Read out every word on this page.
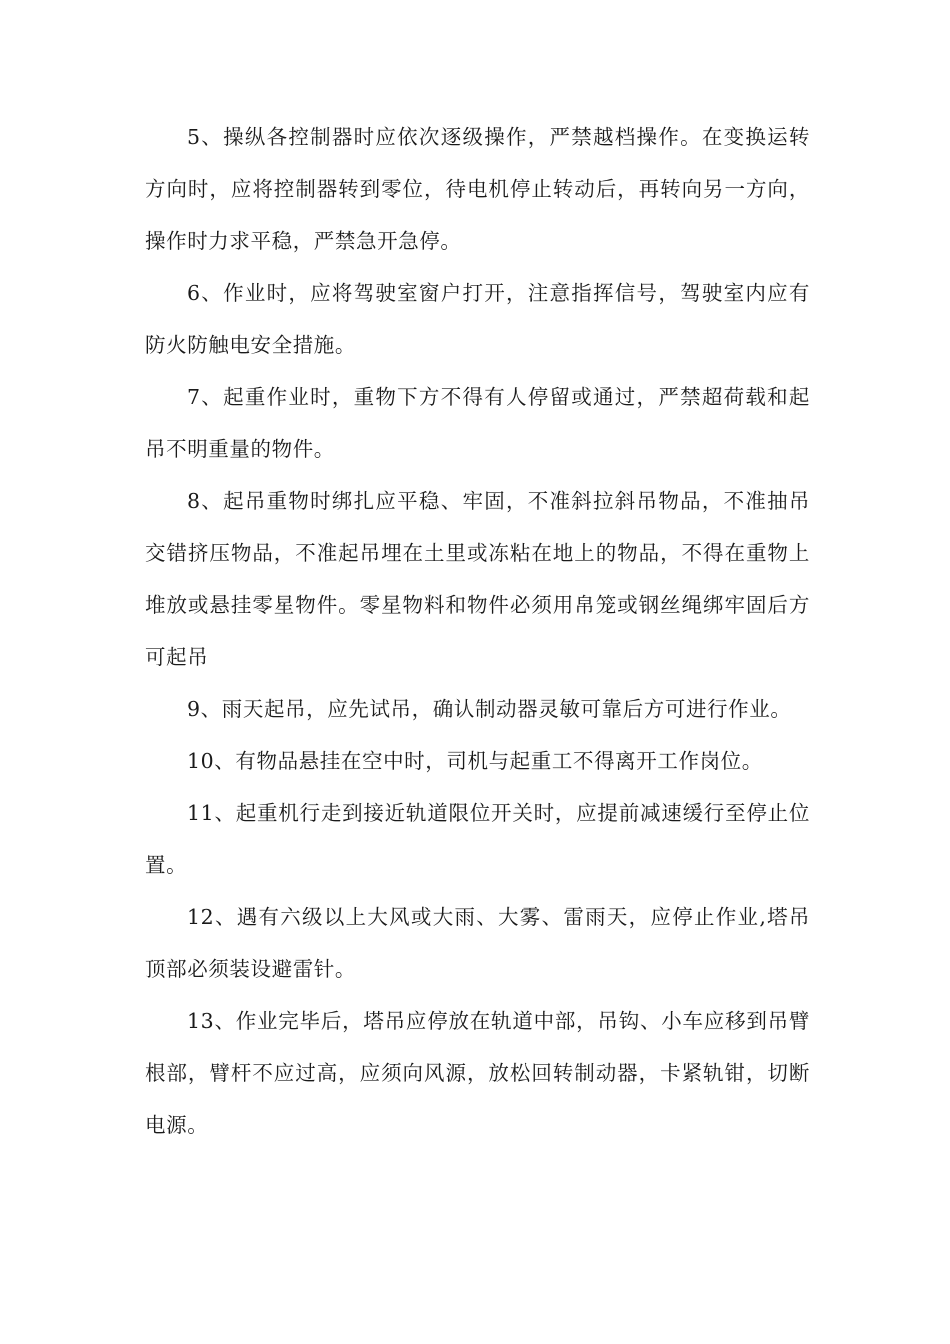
5、操纵各控制器时应依次逐级操作，严禁越档操作。在变换运转方向时，应将控制器转到零位，待电机停止转动后，再转向另一方向，操作时力求平稳，严禁急开急停。

6、作业时，应将驾驶室窗户打开，注意指挥信号，驾驶室内应有防火防触电安全措施。

7、起重作业时，重物下方不得有人停留或通过，严禁超荷载和起吊不明重量的物件。

8、起吊重物时绑扎应平稳、牢固，不准斜拉斜吊物品，不准抽吊交错挤压物品，不准起吊埋在土里或冻粘在地上的物品，不得在重物上堆放或悬挂零星物件。零星物料和物件必须用帛笼或钢丝绳绑牢固后方可起吊

9、雨天起吊，应先试吊，确认制动器灵敏可靠后方可进行作业。

10、有物品悬挂在空中时，司机与起重工不得离开工作岗位。

11、起重机行走到接近轨道限位开关时，应提前减速缓行至停止位置。

12、遇有六级以上大风或大雨、大雾、雷雨天，应停止作业,塔吊顶部必须装设避雷针。

13、作业完毕后，塔吊应停放在轨道中部，吊钩、小车应移到吊臂根部，臂杆不应过高，应须向风源，放松回转制动器，卡紧轨钳，切断电源。
